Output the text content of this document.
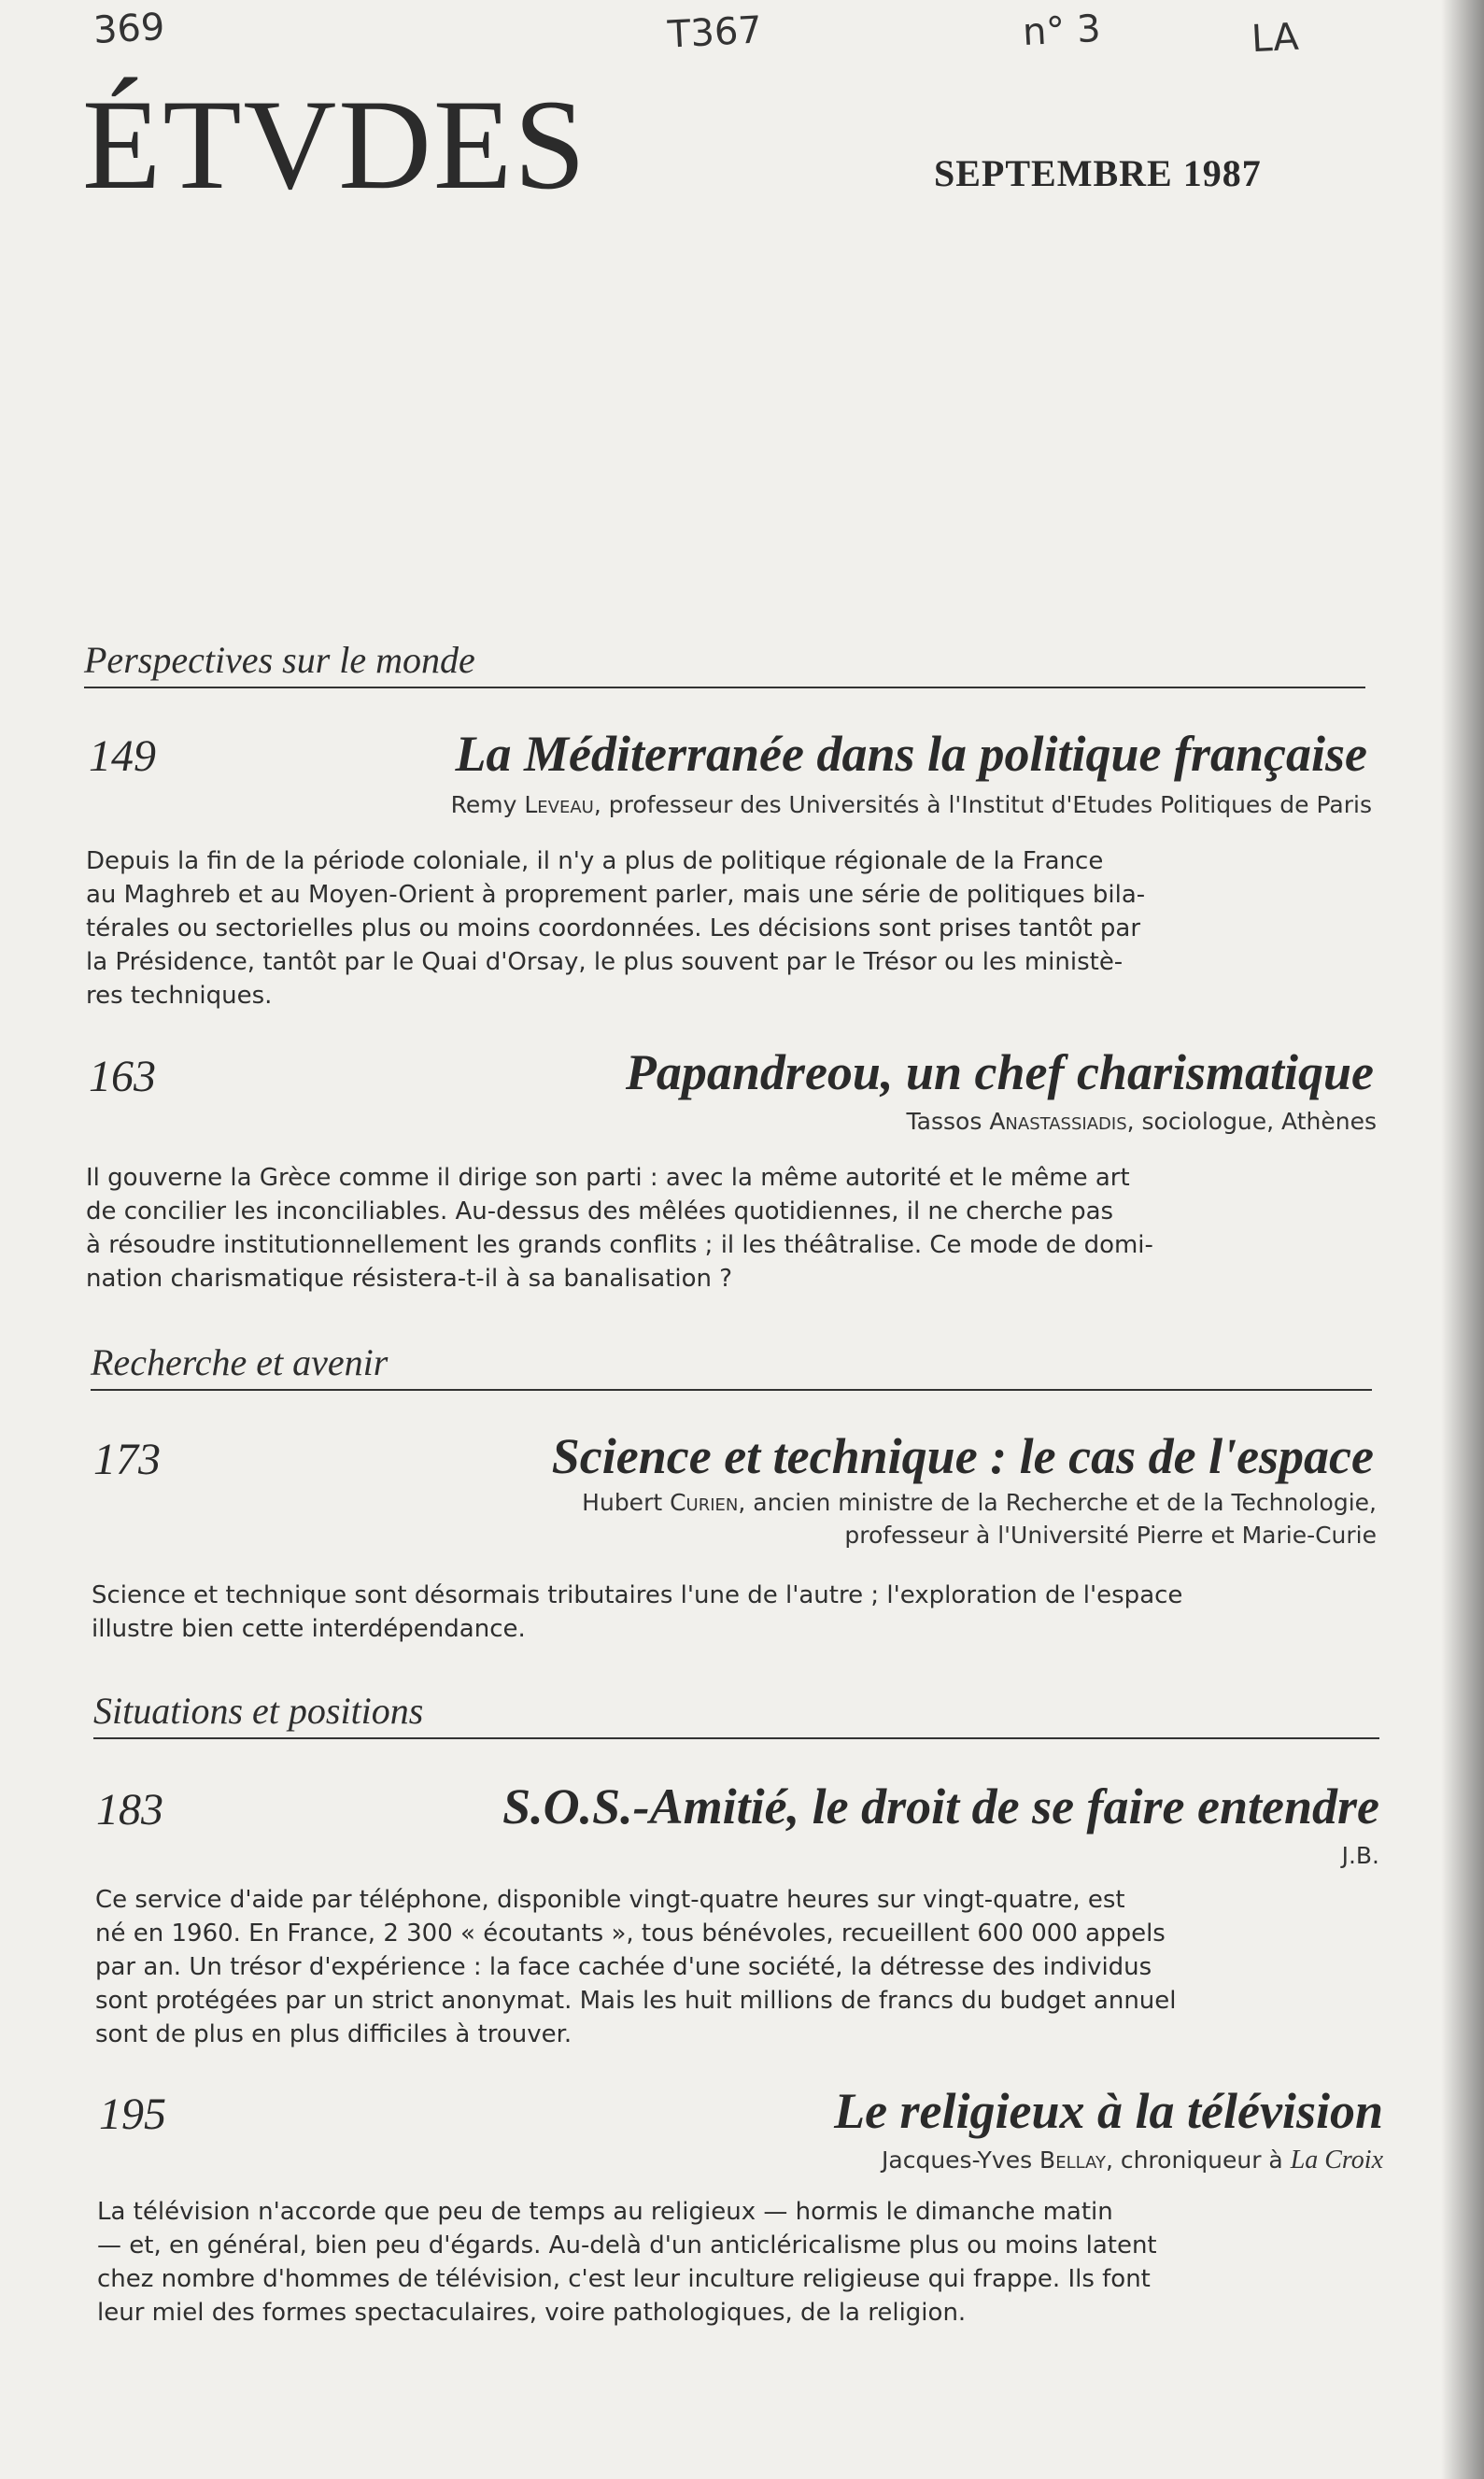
369	T367	n° 3	LA
ÉTVDES	SEPTEMBRE 1987
Perspectives sur le monde
149	La Méditerranée dans la politique française
Remy Leveau, professeur des Universités à l'Institut d'Etudes Politiques de Paris
Depuis la fin de la période coloniale, il n'y a plus de politique régionale de la France
au Maghreb et au Moyen-Orient à proprement parler, mais une série de politiques bila-
térales ou sectorielles plus ou moins coordonnées. Les décisions sont prises tantôt par
la Présidence, tantôt par le Quai d'Orsay, le plus souvent par le Trésor ou les ministè-
res techniques.
163	Papandreou, un chef charismatique
Tassos Anastassiadis, sociologue, Athènes
Il gouverne la Grèce comme il dirige son parti : avec la même autorité et le même art
de concilier les inconciliables. Au-dessus des mêlées quotidiennes, il ne cherche pas
à résoudre institutionnellement les grands conflits ; il les théâtralise. Ce mode de domi-
nation charismatique résistera-t-il à sa banalisation ?
Recherche et avenir
173	Science et technique : le cas de l'espace
Hubert Curien, ancien ministre de la Recherche et de la Technologie,
professeur à l'Université Pierre et Marie-Curie
Science et technique sont désormais tributaires l'une de l'autre ; l'exploration de l'espace
illustre bien cette interdépendance.
Situations et positions
183	S.O.S.-Amitié, le droit de se faire entendre
J.B.
Ce service d'aide par téléphone, disponible vingt-quatre heures sur vingt-quatre, est
né en 1960. En France, 2 300 « écoutants », tous bénévoles, recueillent 600 000 appels
par an. Un trésor d'expérience : la face cachée d'une société, la détresse des individus
sont protégées par un strict anonymat. Mais les huit millions de francs du budget annuel
sont de plus en plus difficiles à trouver.
195	Le religieux à la télévision
Jacques-Yves Bellay, chroniqueur à La Croix
La télévision n'accorde que peu de temps au religieux — hormis le dimanche matin
— et, en général, bien peu d'égards. Au-delà d'un anticléricalisme plus ou moins latent
chez nombre d'hommes de télévision, c'est leur inculture religieuse qui frappe. Ils font
leur miel des formes spectaculaires, voire pathologiques, de la religion.
